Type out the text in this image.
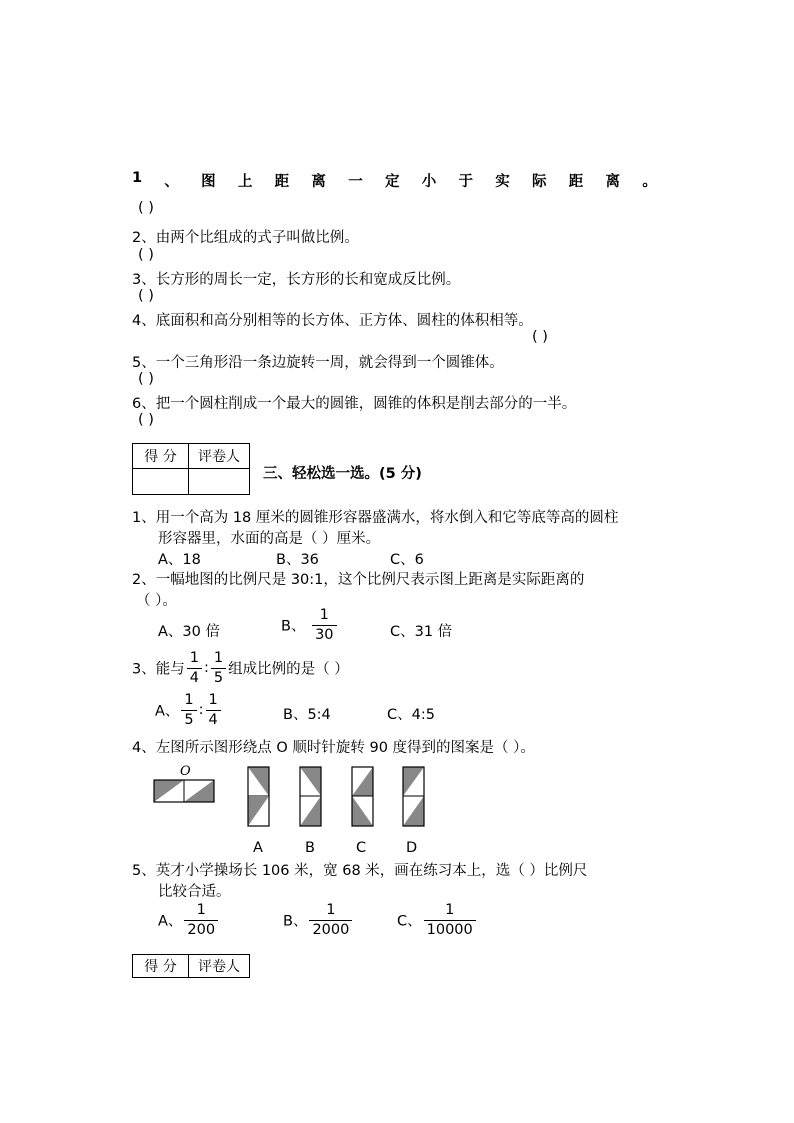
1 、 图 上 距 离 一 定 小 于 实 际 距 离 。
( )
2、由两个比组成的式子叫做比例。
( )
3、长方形的周长一定，长方形的长和宽成反比例。
( )
4、底面积和高分别相等的长方体、正方体、圆柱的体积相等。
( )
5、一个三角形沿一条边旋转一周，就会得到一个圆锥体。
( )
6、把一个圆柱削成一个最大的圆锥，圆锥的体积是削去部分的一半。
( )
得 分	评卷人

三、轻松选一选。(5 分)
1、用一个高为 18 厘米的圆锥形容器盛满水，将水倒入和它等底等高的圆柱
形容器里，水面的高是（ ）厘米。
A、18	B、36	C、6
2、一幅地图的比例尺是 30:1，这个比例尺表示图上距离是实际距离的
（ ）。
A、30 倍	B、 $\frac{1}{30}$	C、31 倍
3、能与 $\frac{1}{4}$ : $\frac{1}{5}$ 组成比例的是（ ）
A、 $\frac{1}{5}$ : $\frac{1}{4}$	B、5:4	C、4:5
4、左图所示图形绕点 O 顺时针旋转 90 度得到的图案是（ ）。
O
A	B	C	D
5、英才小学操场长 106 米，宽 68 米，画在练习本上，选（ ）比例尺
比较合适。
A、 $\frac{1}{200}$	B、 $\frac{1}{2000}$	C、 $\frac{1}{10000}$
得 分	评卷人
